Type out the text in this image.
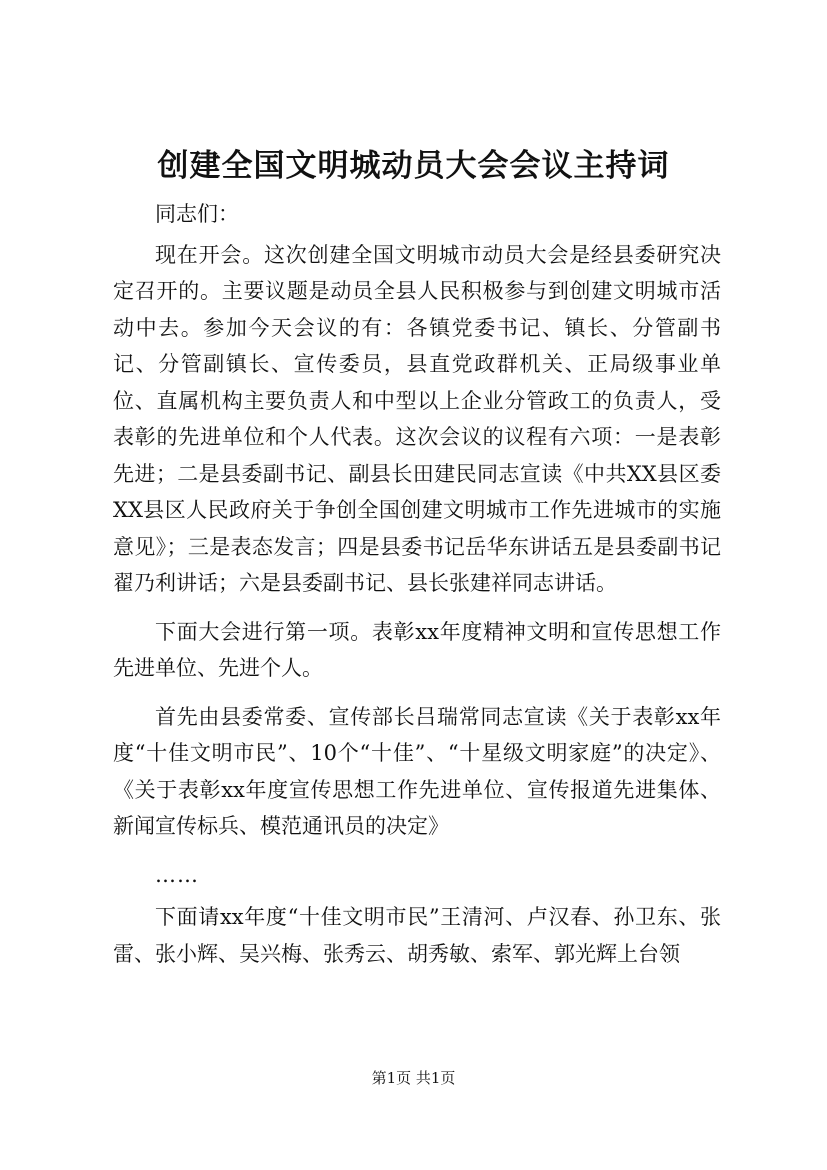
创建全国文明城动员大会会议主持词

同志们：

现在开会。这次创建全国文明城市动员大会是经县委研究决定召开的。主要议题是动员全县人民积极参与到创建文明城市活动中去。参加今天会议的有：各镇党委书记、镇长、分管副书记、分管副镇长、宣传委员，县直党政群机关、正局级事业单位、直属机构主要负责人和中型以上企业分管政工的负责人，受表彰的先进单位和个人代表。这次会议的议程有六项：一是表彰先进；二是县委副书记、副县长田建民同志宣读《中共XX县区委XX县区人民政府关于争创全国创建文明城市工作先进城市的实施意见》；三是表态发言；四是县委书记岳华东讲话五是县委副书记翟乃利讲话；六是县委副书记、县长张建祥同志讲话。

下面大会进行第一项。表彰xx年度精神文明和宣传思想工作先进单位、先进个人。

首先由县委常委、宣传部长吕瑞常同志宣读《关于表彰xx年度“十佳文明市民”、10个“十佳”、“十星级文明家庭”的决定》、《关于表彰xx年度宣传思想工作先进单位、宣传报道先进集体、新闻宣传标兵、模范通讯员的决定》

……

下面请xx年度“十佳文明市民”王清河、卢汉春、孙卫东、张雷、张小辉、吴兴梅、张秀云、胡秀敏、索军、郭光辉上台领

第1页 共1页
